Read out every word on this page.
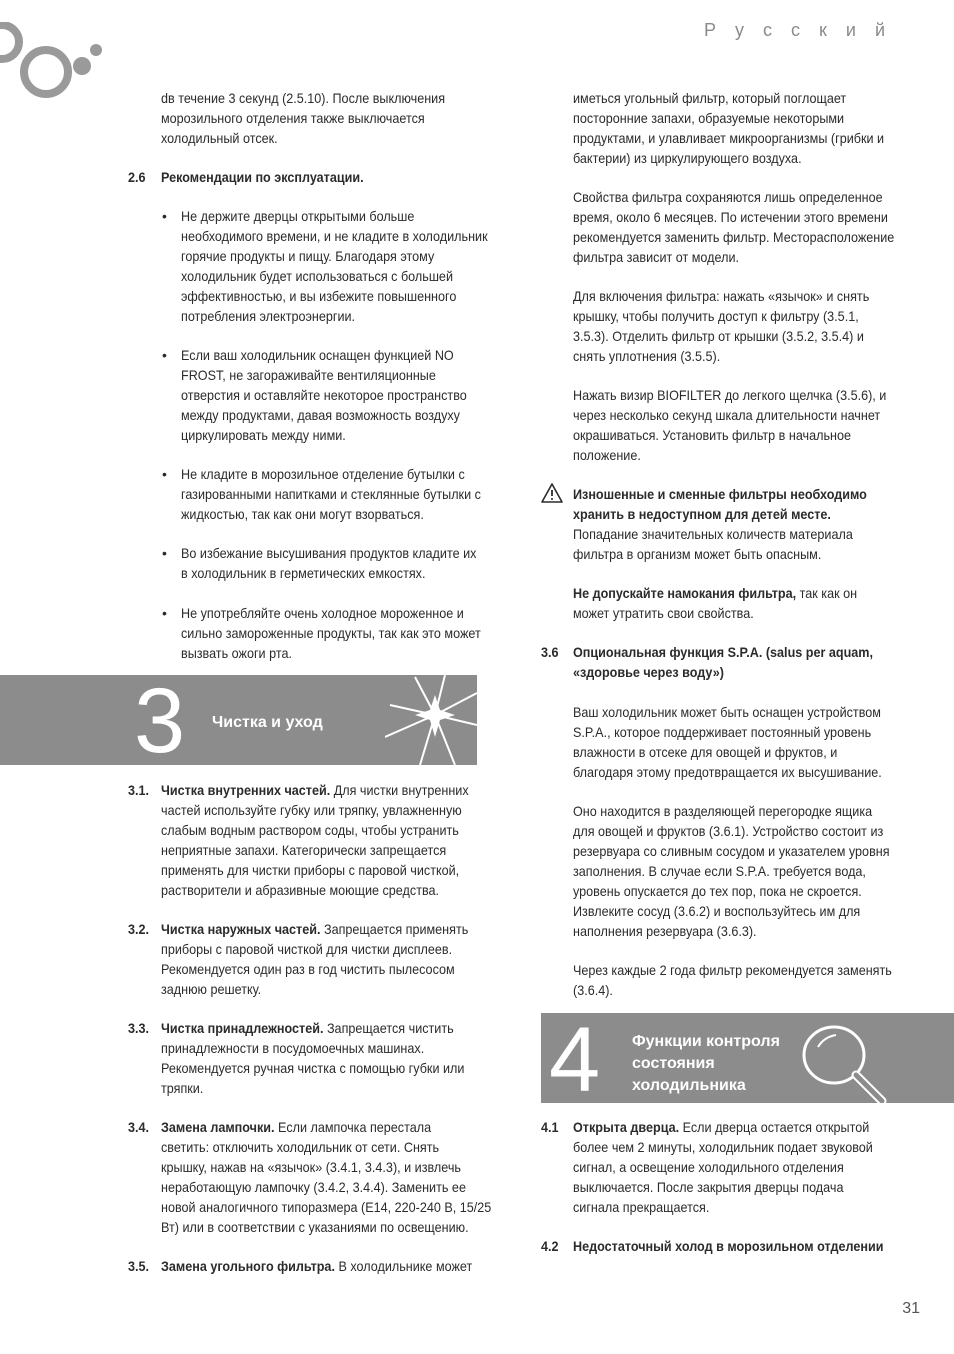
Р у с с к и й
dв течение 3 секунд (2.5.10). После выключения
морозильного отделения также выключается
холодильный отсек.
2.6 Рекомендации по эксплуатации.
• Не держите дверцы открытыми больше
необходимого времени, и не кладите в холодильник
горячие продукты и пищу. Благодаря этому
холодильник будет использоваться с большей
эффективностью, и вы избежите повышенного
потребления электроэнергии.
• Если ваш холодильник оснащен функцией NO
FROST, не загораживайте вентиляционные
отверстия и оставляйте некоторое пространство
между продуктами, давая возможность воздуху
циркулировать между ними.
• Не кладите в морозильное отделение бутылки с
газированными напитками и стеклянные бутылки с
жидкостью, так как они могут взорваться.
• Во избежание высушивания продуктов кладите их
в холодильник в герметических емкостях.
• Не употребляйте очень холодное мороженное и
сильно замороженные продукты, так как это может
вызвать ожоги рта.
3 Чистка и уход
3.1. Чистка внутренних частей. Для чистки внутренних
частей используйте губку или тряпку, увлажненную
слабым водным раствором соды, чтобы устранить
неприятные запахи. Категорически запрещается
применять для чистки приборы с паровой чисткой,
растворители и абразивные моющие средства.
3.2. Чистка наружных частей. Запрещается применять
приборы с паровой чисткой для чистки дисплеев.
Рекомендуется один раз в год чистить пылесосом
заднюю решетку.
3.3. Чистка принадлежностей. Запрещается чистить
принадлежности в посудомоечных машинах.
Рекомендуется ручная чистка с помощью губки или
тряпки.
3.4. Замена лампочки. Если лампочка перестала
светить: отключить холодильник от сети. Снять
крышку, нажав на «язычок» (3.4.1, 3.4.3), и извлечь
неработающую лампочку (3.4.2, 3.4.4). Заменить ее
новой аналогичного типоразмера (Е14, 220-240 В, 15/25
Вт) или в соответствии с указаниями по освещению.
3.5. Замена угольного фильтра. В холодильнике может
иметься угольный фильтр, который поглощает
посторонние запахи, образуемые некоторыми
продуктами, и улавливает микроорганизмы (грибки и
бактерии) из циркулирующего воздуха.
Свойства фильтра сохраняются лишь определенное
время, около 6 месяцев. По истечении этого времени
рекомендуется заменить фильтр. Месторасположение
фильтра зависит от модели.
Для включения фильтра: нажать «язычок» и снять
крышку, чтобы получить доступ к фильтру (3.5.1,
3.5.3). Отделить фильтр от крышки (3.5.2, 3.5.4) и
снять уплотнения (3.5.5).
Нажать визир BIOFILTER до легкого щелчка (3.5.6), и
через несколько секунд шкала длительности начнет
окрашиваться. Установить фильтр в начальное
положение.
Изношенные и сменные фильтры необходимо
хранить в недоступном для детей месте.
Попадание значительных количеств материала
фильтра в организм может быть опасным.
Не допускайте намокания фильтра, так как он
может утратить свои свойства.
3.6 Опциональная функция S.P.A. (salus per aquam,
«здоровье через воду»)
Ваш холодильник может быть оснащен устройством
S.P.A., которое поддерживает постоянный уровень
влажности в отсеке для овощей и фруктов, и
благодаря этому предотвращается их высушивание.
Оно находится в разделяющей перегородке ящика
для овощей и фруктов (3.6.1). Устройство состоит из
резервуара со сливным сосудом и указателем уровня
заполнения. В случае если S.P.A. требуется вода,
уровень опускается до тех пор, пока не скроется.
Извлеките сосуд (3.6.2) и воспользуйтесь им для
наполнения резервуара (3.6.3).
Через каждые 2 года фильтр рекомендуется заменять
(3.6.4).
4 Функции контроля
состояния
холодильника
4.1 Открыта дверца. Если дверца остается открытой
более чем 2 минуты, холодильник подает звуковой
сигнал, а освещение холодильного отделения
выключается. После закрытия дверцы подача
сигнала прекращается.
4.2 Недостаточный холод в морозильном отделении
31
